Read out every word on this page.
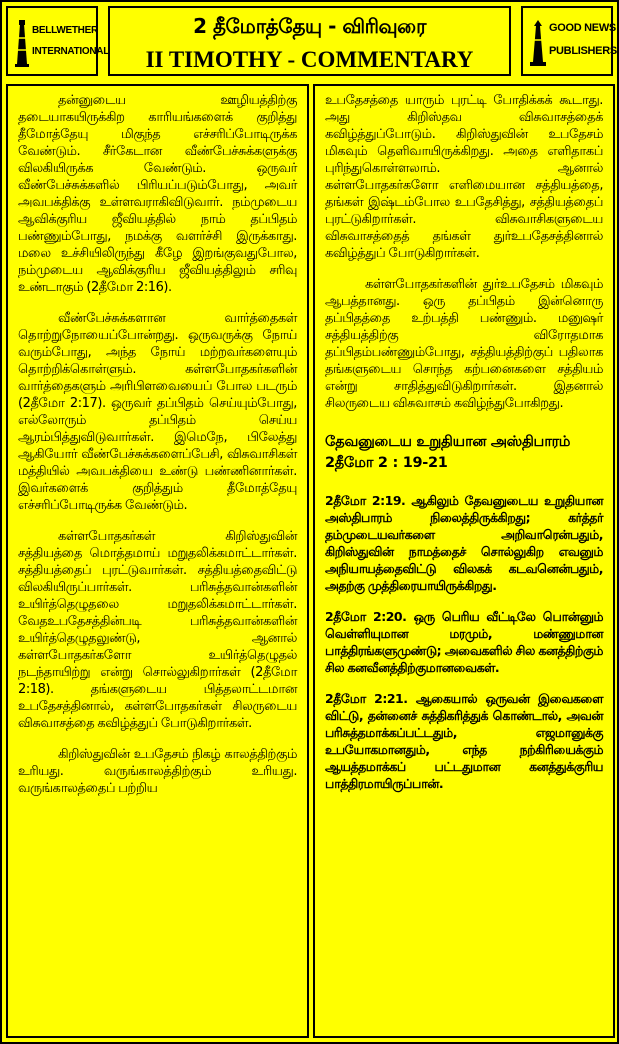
BELLWETHER
INTERNATIONAL
2 தீமோத்தேயு - விரிவுரை
II TIMOTHY - COMMENTARY
GOOD NEWS
PUBLISHERS

தன்னுடைய ஊழியத்திற்கு தடையாகயிருக்கிற காரியங்களைக் குறித்து தீமோத்தேயு மிகுந்த எச்சரிப்போடிருக்க வேண்டும். சீர்கேடான வீண்பேச்சுக்களுக்கு விலகியிருக்க வேண்டும். ஒருவர் வீண்பேச்சுக்களில் பிரியப்படும்போது, அவர் அவபக்திக்கு உள்ளவராகிவிடுவார். நம்முடைய ஆவிக்குரிய ஜீவியத்தில் நாம் தப்பிதம் பண்ணும்போது, நமக்கு வளர்ச்சி இருக்காது. மலை உச்சியிலிருந்து கீழே இறங்குவதுபோல, நம்முடைய ஆவிக்குரிய ஜீவியத்திலும் சரிவு உண்டாகும் (2தீமோ 2:16).

வீண்பேச்சுக்களான வார்த்தைகள் தொற்றுநோயைப்போன்றது. ஒருவருக்கு நோய் வரும்போது, அந்த நோய் மற்றவர்களையும் தொற்றிக்கொள்ளும். கள்ளபோதகர்களின் வார்த்தைகளும் அரிபிளவையைப் போல படரும் (2தீமோ 2:17). ஒருவர் தப்பிதம் செய்யும்போது, எல்லோரும் தப்பிதம் செய்ய ஆரம்பித்துவிடுவார்கள். இமெநே, பிலேத்து ஆகியோர் வீண்பேச்சுக்களைப்பேசி, விசுவாசிகள் மத்தியில் அவபக்தியை உண்டு பண்ணினார்கள். இவர்களைக் குறித்தும் தீமோத்தேயு எச்சரிப்போடிருக்க வேண்டும்.

கள்ளபோதகர்கள் கிறிஸ்துவின் சத்தியத்தை மொத்தமாய் மறுதலிக்கமாட்டார்கள். சத்தியத்தைப் புரட்டுவார்கள். சத்தியத்தைவிட்டு விலகியிருப்பார்கள். பரிசுத்தவான்களின் உயிர்த்தெழுதலை மறுதலிக்கமாட்டார்கள். வேதஉபதேசத்தின்படி பரிசுத்தவான்களின் உயிர்த்தெழுதலுண்டு, ஆனால் கள்ளபோதகர்களோ உயிர்த்தெழுதல் நடந்தாயிற்று என்று சொல்லுகிறார்கள் (2தீமோ 2:18). தங்களுடைய பித்தலாட்டமான உபதேசத்தினால், கள்ளபோதகர்கள் சிலருடைய விசுவாசத்தை கவிழ்த்துப் போடுகிறார்கள்.

கிறிஸ்துவின் உபதேசம் நிகழ் காலத்திற்கும் உரியது. வருங்காலத்திற்கும் உரியது. வருங்காலத்தைப் பற்றிய

உபதேசத்தை யாரும் புரட்டி போதிக்கக் கூடாது. அது கிறிஸ்தவ விசுவாசத்தைக் கவிழ்த்துப்போடும். கிறிஸ்துவின் உபதேசம் மிகவும் தெளிவாயிருக்கிறது. அதை எளிதாகப் புரிந்துகொள்ளலாம். ஆனால் கள்ளபோதகர்களோ எளிமையான சத்தியத்தை, தங்கள் இஷ்டம்போல உபதேசித்து, சத்தியத்தைப் புரட்டுகிறார்கள். விசுவாசிகளுடைய விசுவாசத்தைத் தங்கள் துர்உபதேசத்தினால் கவிழ்த்துப் போடுகிறார்கள்.

கள்ளபோதகர்களின் துர்உபதேசம் மிகவும் ஆபத்தானது. ஒரு தப்பிதம் இன்னொரு தப்பிதத்தை உற்பத்தி பண்ணும். மனுஷர் சத்தியத்திற்கு விரோதமாக தப்பிதம்பண்ணும்போது, சத்தியத்திற்குப் பதிலாக தங்களுடைய சொந்த கற்பனைகளை சத்தியம் என்று சாதித்துவிடுகிறார்கள். இதனால் சிலருடைய விசுவாசம் கவிழ்ந்துபோகிறது.

தேவனுடைய உறுதியான அஸ்திபாரம் 2தீமோ 2 : 19-21

2தீமோ 2:19. ஆகிலும் தேவனுடைய உறுதியான அஸ்திபாரம் நிலைத்திருக்கிறது; கர்த்தர் தம்முடையவர்களை அறிவாரென்பதும், கிறிஸ்துவின் நாமத்தைச் சொல்லுகிற எவனும் அநியாயத்தைவிட்டு விலகக் கடவனென்பதும், அதற்கு முத்திரையாயிருக்கிறது.

2தீமோ 2:20. ஒரு பெரிய வீட்டிலே பொன்னும் வெள்ளியுமான மரமும், மண்ணுமான பாத்திரங்களுமுண்டு; அவைகளில் சில கனத்திற்கும் சில கனவீனத்திற்குமானவைகள்.

2தீமோ 2:21. ஆகையால் ஒருவன் இவைகளை விட்டு, தன்னைச் சுத்திகரித்துக் கொண்டால், அவன் பரிசுத்தமாக்கப்பட்டதும், எஜமானுக்கு உபயோகமானதும், எந்த நற்கிரியைக்கும் ஆயத்தமாக்கப் பட்டதுமான கனத்துக்குரிய பாத்திரமாயிருப்பான்.
